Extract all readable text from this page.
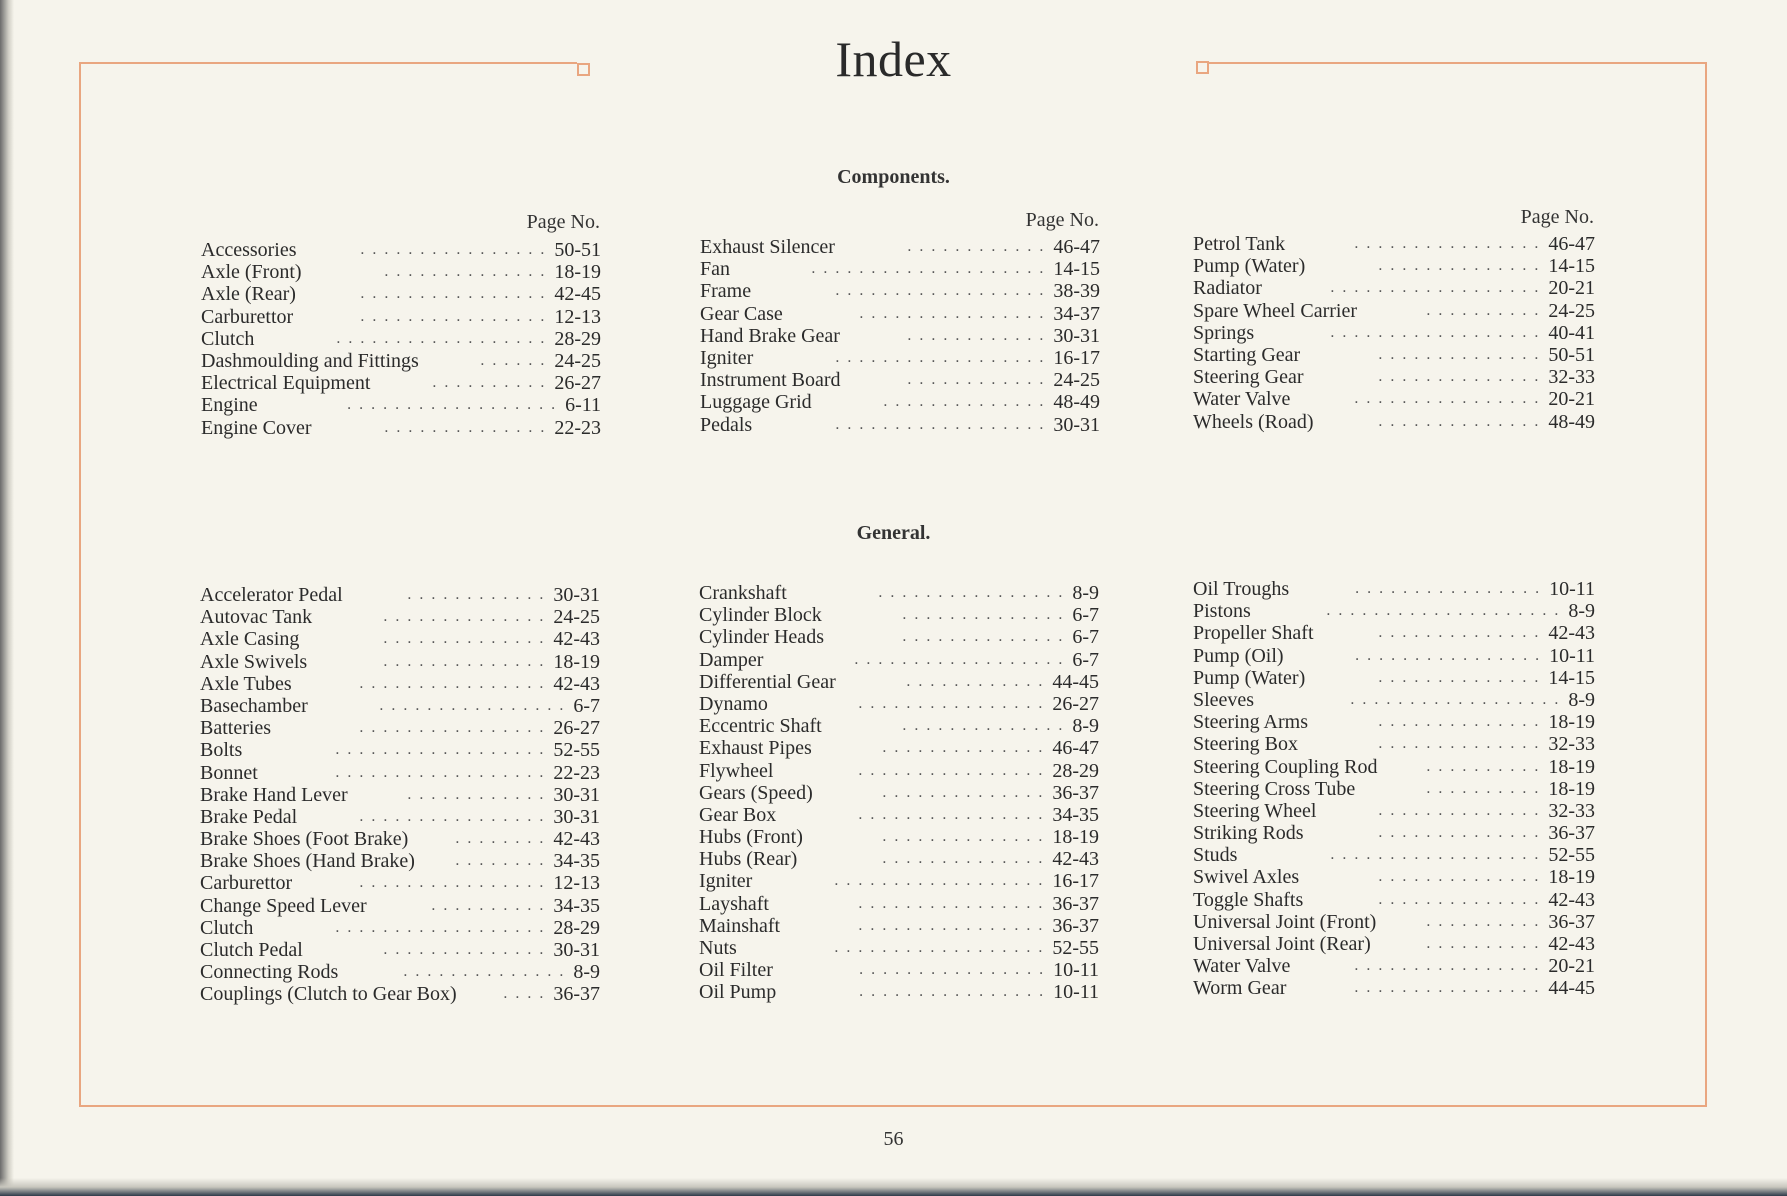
Index
Components.
Page No.	Page No.	Page No.
Accessories	50-51
. . . . . . . . . . . . . . . .
Axle (Front)	18-19
. . . . . . . . . . . . . .
Axle (Rear)	42-45
. . . . . . . . . . . . . . . .
Carburettor	12-13
. . . . . . . . . . . . . . . .
Clutch	28-29
. . . . . . . . . . . . . . . . . .
Dashmoulding and Fittings	24-25
. . . . . .
Electrical Equipment	26-27
. . . . . . . . . .
Engine	6-11
. . . . . . . . . . . . . . . . . .
Engine Cover	22-23
. . . . . . . . . . . . . .
Exhaust Silencer	46-47
. . . . . . . . . . . .
Fan	14-15
. . . . . . . . . . . . . . . . . . . .
Frame	38-39
. . . . . . . . . . . . . . . . . .
Gear Case	34-37
. . . . . . . . . . . . . . . .
Hand Brake Gear	30-31
. . . . . . . . . . . .
Igniter	16-17
. . . . . . . . . . . . . . . . . .
Instrument Board	24-25
. . . . . . . . . . . .
Luggage Grid	48-49
. . . . . . . . . . . . . .
Pedals	30-31
. . . . . . . . . . . . . . . . . .
Petrol Tank	46-47
. . . . . . . . . . . . . . . .
Pump (Water)	14-15
. . . . . . . . . . . . . .
Radiator	20-21
. . . . . . . . . . . . . . . . . .
Spare Wheel Carrier	24-25
. . . . . . . . . .
Springs	40-41
. . . . . . . . . . . . . . . . . .
Starting Gear	50-51
. . . . . . . . . . . . . .
Steering Gear	32-33
. . . . . . . . . . . . . .
Water Valve	20-21
. . . . . . . . . . . . . . . .
Wheels (Road)	48-49
. . . . . . . . . . . . . .
General.
Accelerator Pedal	30-31
. . . . . . . . . . . .
Autovac Tank	24-25
. . . . . . . . . . . . . .
Axle Casing	42-43
. . . . . . . . . . . . . .
Axle Swivels	18-19
. . . . . . . . . . . . . .
Axle Tubes	42-43
. . . . . . . . . . . . . . . .
Basechamber	6-7
. . . . . . . . . . . . . . . .
Batteries	26-27
. . . . . . . . . . . . . . . .
Bolts	52-55
. . . . . . . . . . . . . . . . . .
Bonnet	22-23
. . . . . . . . . . . . . . . . . .
Brake Hand Lever	30-31
. . . . . . . . . . . .
Brake Pedal	30-31
. . . . . . . . . . . . . . . .
Brake Shoes (Foot Brake)	42-43
. . . . . . . .
Brake Shoes (Hand Brake)	34-35
. . . . . . . .
Carburettor	12-13
. . . . . . . . . . . . . . . .
Change Speed Lever	34-35
. . . . . . . . . .
Clutch	28-29
. . . . . . . . . . . . . . . . . .
Clutch Pedal	30-31
. . . . . . . . . . . . . .
Connecting Rods	8-9
. . . . . . . . . . . . . .
Couplings (Clutch to Gear Box)	36-37
. . . .
Crankshaft	8-9
. . . . . . . . . . . . . . . .
Cylinder Block	6-7
. . . . . . . . . . . . . .
Cylinder Heads	6-7
. . . . . . . . . . . . . .
Damper	6-7
. . . . . . . . . . . . . . . . . .
Differential Gear	44-45
. . . . . . . . . . . .
Dynamo	26-27
. . . . . . . . . . . . . . . .
Eccentric Shaft	8-9
. . . . . . . . . . . . . .
Exhaust Pipes	46-47
. . . . . . . . . . . . . .
Flywheel	28-29
. . . . . . . . . . . . . . . .
Gears (Speed)	36-37
. . . . . . . . . . . . . .
Gear Box	34-35
. . . . . . . . . . . . . . . .
Hubs (Front)	18-19
. . . . . . . . . . . . . .
Hubs (Rear)	42-43
. . . . . . . . . . . . . .
Igniter	16-17
. . . . . . . . . . . . . . . . . .
Layshaft	36-37
. . . . . . . . . . . . . . . .
Mainshaft	36-37
. . . . . . . . . . . . . . . .
Nuts	52-55
. . . . . . . . . . . . . . . . . .
Oil Filter	10-11
. . . . . . . . . . . . . . . .
Oil Pump	10-11
. . . . . . . . . . . . . . . .
Oil Troughs	10-11
. . . . . . . . . . . . . . . .
Pistons	8-9
. . . . . . . . . . . . . . . . . . . .
Propeller Shaft	42-43
. . . . . . . . . . . . . .
Pump (Oil)	10-11
. . . . . . . . . . . . . . . .
Pump (Water)	14-15
. . . . . . . . . . . . . .
Sleeves	8-9
. . . . . . . . . . . . . . . . . .
Steering Arms	18-19
. . . . . . . . . . . . . .
Steering Box	32-33
. . . . . . . . . . . . . .
Steering Coupling Rod	18-19
. . . . . . . . . .
Steering Cross Tube	18-19
. . . . . . . . . .
Steering Wheel	32-33
. . . . . . . . . . . . . .
Striking Rods	36-37
. . . . . . . . . . . . . .
Studs	52-55
. . . . . . . . . . . . . . . . . .
Swivel Axles	18-19
. . . . . . . . . . . . . .
Toggle Shafts	42-43
. . . . . . . . . . . . . .
Universal Joint (Front)	36-37
. . . . . . . . . .
Universal Joint (Rear)	42-43
. . . . . . . . . .
Water Valve	20-21
. . . . . . . . . . . . . . . .
Worm Gear	44-45
. . . . . . . . . . . . . . . .
56
